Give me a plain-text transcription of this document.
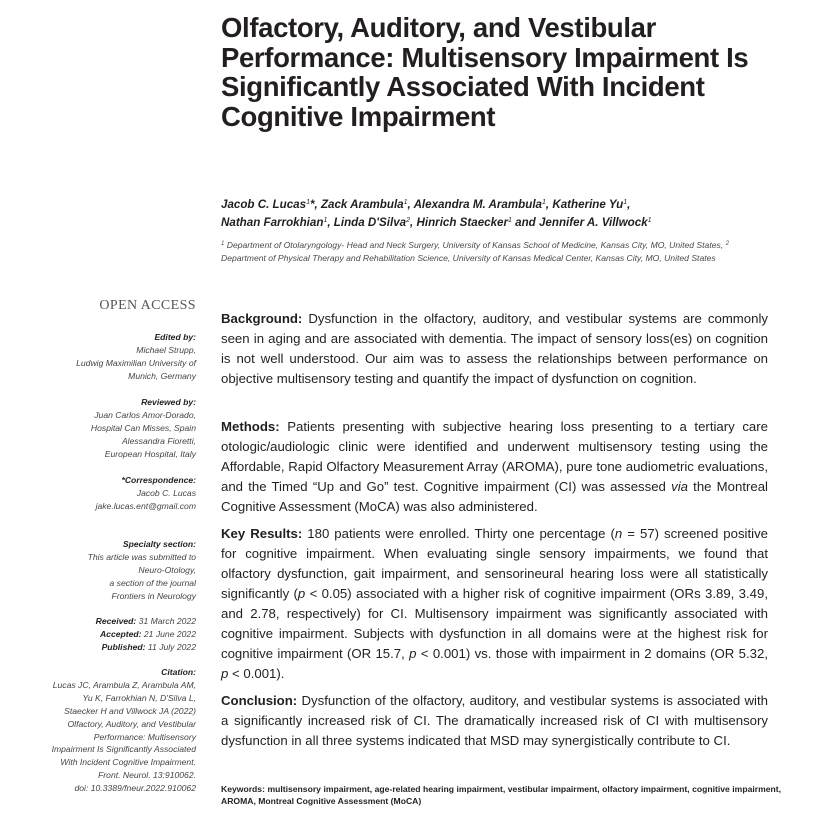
Olfactory, Auditory, and Vestibular Performance: Multisensory Impairment Is Significantly Associated With Incident Cognitive Impairment
Jacob C. Lucas$^1$*, Zack Arambula$^1$, Alexandra M. Arambula$^1$, Katherine Yu$^1$,
Nathan Farrokhian$^1$, Linda D'Silva$^2$, Hinrich Staecker$^1$ and Jennifer A. Villwock$^1$
$^1$ Department of Otolaryngology- Head and Neck Surgery, University of Kansas School of Medicine, Kansas City, MO, United States, $^2$ Department of Physical Therapy and Rehabilitation Science, University of Kansas Medical Center, Kansas City, MO, United States
OPEN ACCESS
Edited by:
Michael Strupp,
Ludwig Maximilian University of
Munich, Germany
Reviewed by:
Juan Carlos Amor-Dorado,
Hospital Can Misses, Spain
Alessandra Fioretti,
European Hospital, Italy
*Correspondence:
Jacob C. Lucas
jake.lucas.ent@gmail.com
Specialty section:
This article was submitted to
Neuro-Otology,
a section of the journal
Frontiers in Neurology
Received: 31 March 2022
Accepted: 21 June 2022
Published: 11 July 2022
Citation:
Lucas JC, Arambula Z, Arambula AM,
Yu K, Farrokhian N, D'Silva L,
Staecker H and Villwock JA (2022)
Olfactory, Auditory, and Vestibular
Performance: Multisensory
Impairment Is Significantly Associated
With Incident Cognitive Impairment.
Front. Neurol. 13:910062.
doi: 10.3389/fneur.2022.910062
Background: Dysfunction in the olfactory, auditory, and vestibular systems are commonly seen in aging and are associated with dementia. The impact of sensory loss(es) on cognition is not well understood. Our aim was to assess the relationships between performance on objective multisensory testing and quantify the impact of dysfunction on cognition.
Methods: Patients presenting with subjective hearing loss presenting to a tertiary care otologic/audiologic clinic were identified and underwent multisensory testing using the Affordable, Rapid Olfactory Measurement Array (AROMA), pure tone audiometric evaluations, and the Timed “Up and Go” test. Cognitive impairment (CI) was assessed via the Montreal Cognitive Assessment (MoCA) was also administered.
Key Results: 180 patients were enrolled. Thirty one percentage (n = 57) screened positive for cognitive impairment. When evaluating single sensory impairments, we found that olfactory dysfunction, gait impairment, and sensorineural hearing loss were all statistically significantly (p < 0.05) associated with a higher risk of cognitive impairment (ORs 3.89, 3.49, and 2.78, respectively) for CI. Multisensory impairment was significantly associated with cognitive impairment. Subjects with dysfunction in all domains were at the highest risk for cognitive impairment (OR 15.7, p < 0.001) vs. those with impairment in 2 domains (OR 5.32, p < 0.001).
Conclusion: Dysfunction of the olfactory, auditory, and vestibular systems is associated with a significantly increased risk of CI. The dramatically increased risk of CI with multisensory dysfunction in all three systems indicated that MSD may synergistically contribute to CI.
Keywords: multisensory impairment, age-related hearing impairment, vestibular impairment, olfactory impairment, cognitive impairment, AROMA, Montreal Cognitive Assessment (MoCA)
